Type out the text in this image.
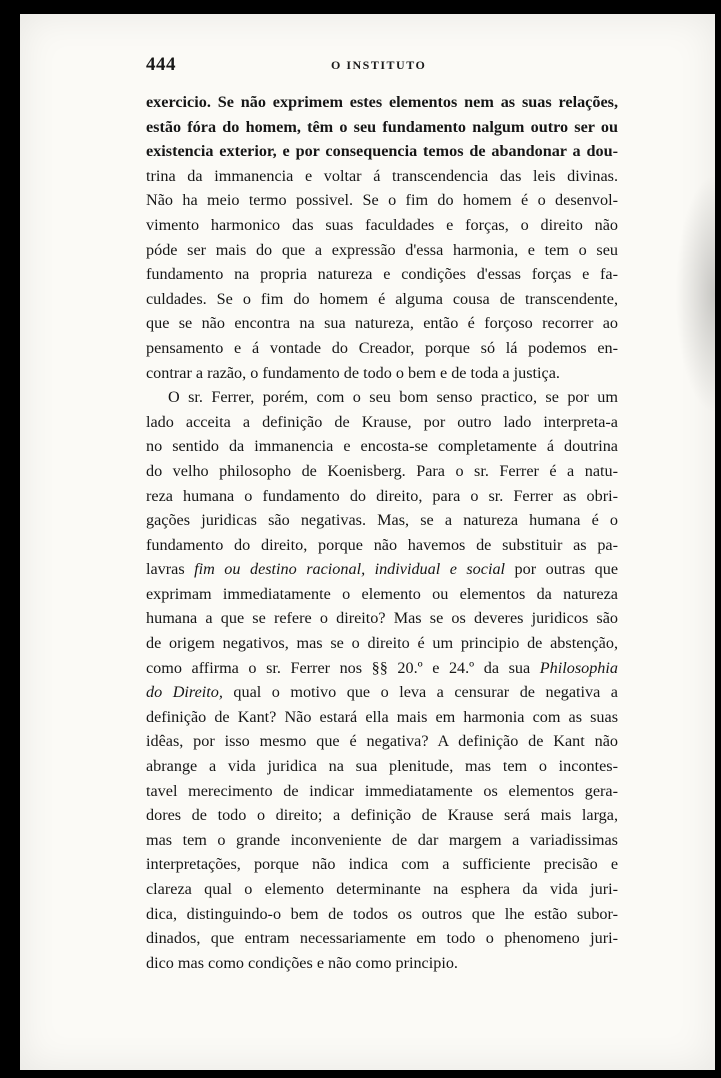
444	O INSTITUTO
exercicio. Se não exprimem estes elementos nem as suas relações,
estão fóra do homem, têm o seu fundamento nalgum outro ser ou
existencia exterior, e por consequencia temos de abandonar a dou-
trina da immanencia e voltar á transcendencia das leis divinas.
Não ha meio termo possivel. Se o fim do homem é o desenvol-
vimento harmonico das suas faculdades e forças, o direito não
póde ser mais do que a expressão d'essa harmonia, e tem o seu
fundamento na propria natureza e condições d'essas forças e fa-
culdades. Se o fim do homem é alguma cousa de transcendente,
que se não encontra na sua natureza, então é forçoso recorrer ao
pensamento e á vontade do Creador, porque só lá podemos en-
contrar a razão, o fundamento de todo o bem e de toda a justiça.
O sr. Ferrer, porém, com o seu bom senso practico, se por um
lado acceita a definição de Krause, por outro lado interpreta-a
no sentido da immanencia e encosta-se completamente á doutrina
do velho philosopho de Koenisberg. Para o sr. Ferrer é a natu-
reza humana o fundamento do direito, para o sr. Ferrer as obri-
gações juridicas são negativas. Mas, se a natureza humana é o
fundamento do direito, porque não havemos de substituir as pa-
lavras fim ou destino racional, individual e social por outras que
exprimam immediatamente o elemento ou elementos da natureza
humana a que se refere o direito? Mas se os deveres juridicos são
de origem negativos, mas se o direito é um principio de abstenção,
como affirma o sr. Ferrer nos §§ 20.º e 24.º da sua Philosophia
do Direito, qual o motivo que o leva a censurar de negativa a
definição de Kant? Não estará ella mais em harmonia com as suas
idêas, por isso mesmo que é negativa? A definição de Kant não
abrange a vida juridica na sua plenitude, mas tem o incontes-
tavel merecimento de indicar immediatamente os elementos gera-
dores de todo o direito; a definição de Krause será mais larga,
mas tem o grande inconveniente de dar margem a variadissimas
interpretações, porque não indica com a sufficiente precisão e
clareza qual o elemento determinante na esphera da vida juri-
dica, distinguindo-o bem de todos os outros que lhe estão subor-
dinados, que entram necessariamente em todo o phenomeno juri-
dico mas como condições e não como principio.
